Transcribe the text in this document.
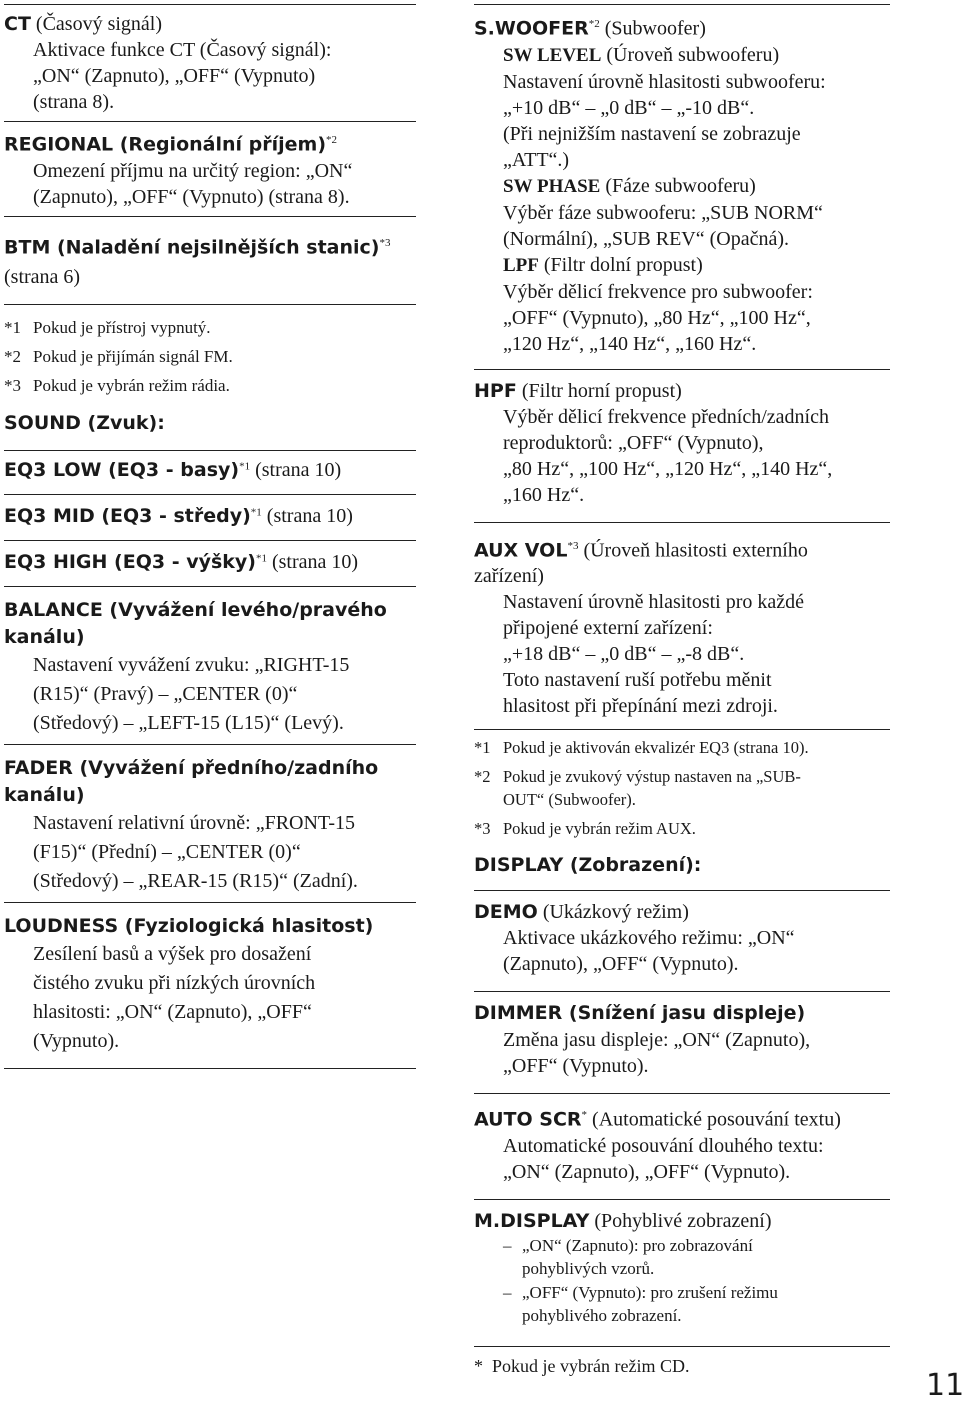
CT (Časový signál)
Aktivace funkce CT (Časový signál):
„ON“ (Zapnuto), „OFF“ (Vypnuto)
(strana 8).
REGIONAL (Regionální příjem)$^{*2}$
Omezení příjmu na určitý region: „ON“
(Zapnuto), „OFF“ (Vypnuto) (strana 8).
BTM (Naladění nejsilnějších stanic)$^{*3}$
(strana 6)
*1 Pokud je přístroj vypnutý.
*2 Pokud je přijímán signál FM.
*3 Pokud je vybrán režim rádia.
SOUND (Zvuk):
EQ3 LOW (EQ3 - basy)$^{*1}$ (strana 10)
EQ3 MID (EQ3 - středy)$^{*1}$ (strana 10)
EQ3 HIGH (EQ3 - výšky)$^{*1}$ (strana 10)
BALANCE (Vyvážení levého/pravého
kanálu)
Nastavení vyvážení zvuku: „RIGHT-15
(R15)“ (Pravý) – „CENTER (0)“
(Středový) – „LEFT-15 (L15)“ (Levý).
FADER (Vyvážení předního/zadního
kanálu)
Nastavení relativní úrovně: „FRONT-15
(F15)“ (Přední) – „CENTER (0)“
(Středový) – „REAR-15 (R15)“ (Zadní).
LOUDNESS (Fyziologická hlasitost)
Zesílení basů a výšek pro dosažení
čistého zvuku při nízkých úrovních
hlasitosti: „ON“ (Zapnuto), „OFF“
(Vypnuto).
S.WOOFER$^{*2}$ (Subwoofer)
SW LEVEL (Úroveň subwooferu)
Nastavení úrovně hlasitosti subwooferu:
„+10 dB“ – „0 dB“ – „-10 dB“.
(Při nejnižším nastavení se zobrazuje
„ATT“.)
SW PHASE (Fáze subwooferu)
Výběr fáze subwooferu: „SUB NORM“
(Normální), „SUB REV“ (Opačná).
LPF (Filtr dolní propust)
Výběr dělicí frekvence pro subwoofer:
„OFF“ (Vypnuto), „80 Hz“, „100 Hz“,
„120 Hz“, „140 Hz“, „160 Hz“.
HPF (Filtr horní propust)
Výběr dělicí frekvence předních/zadních
reproduktorů: „OFF“ (Vypnuto),
„80 Hz“, „100 Hz“, „120 Hz“, „140 Hz“,
„160 Hz“.
AUX VOL$^{*3}$ (Úroveň hlasitosti externího
zařízení)
Nastavení úrovně hlasitosti pro každé
připojené externí zařízení:
„+18 dB“ – „0 dB“ – „-8 dB“.
Toto nastavení ruší potřebu měnit
hlasitost při přepínání mezi zdroji.
*1 Pokud je aktivován ekvalizér EQ3 (strana 10).
*2 Pokud je zvukový výstup nastaven na „SUB-
OUT“ (Subwoofer).
*3 Pokud je vybrán režim AUX.
DISPLAY (Zobrazení):
DEMO (Ukázkový režim)
Aktivace ukázkového režimu: „ON“
(Zapnuto), „OFF“ (Vypnuto).
DIMMER (Snížení jasu displeje)
Změna jasu displeje: „ON“ (Zapnuto),
„OFF“ (Vypnuto).
AUTO SCR* (Automatické posouvání textu)
Automatické posouvání dlouhého textu:
„ON“ (Zapnuto), „OFF“ (Vypnuto).
M.DISPLAY (Pohyblivé zobrazení)
– „ON“ (Zapnuto): pro zobrazování
pohyblivých vzorů.
– „OFF“ (Vypnuto): pro zrušení režimu
pohyblivého zobrazení.
* Pokud je vybrán režim CD.
11
